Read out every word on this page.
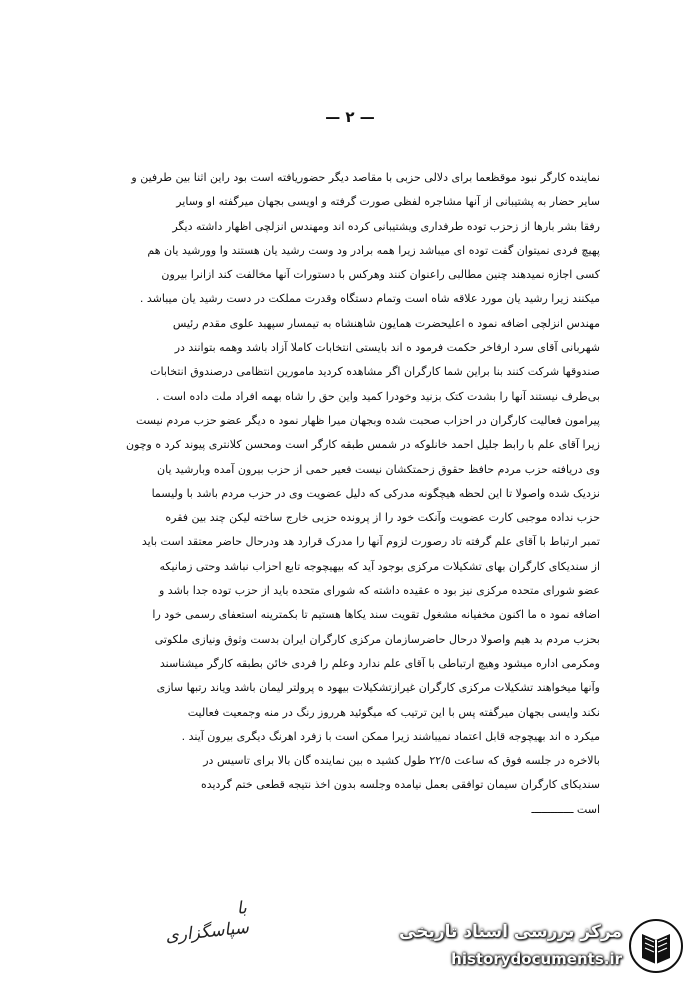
— ٢ —
نماینده کارگر نبود موقظعما برای دلالی حزبی با مقاصد دیگر حضوریافته است بود راین اثنا بین طرفین و
سایر حضار به پشتیبانی از آنها مشاجره لفظی صورت گرفته و اویسی بجهان میرگفته او وسایر
رفقا بشر بارها از زحزب توده طرفداری ویشتیبانی کرده اند ومهندس انزلچی اظهار داشته دیگر
پهیچ فردی نمیتوان گفت توده ای میباشد زیرا همه برادر ود وست رشید یان هستند وا وورشید یان هم
کسی اجازه نمیدهند چنین مطالبی راعنوان کنند وهرکس با دستورات آنها مخالفت کند ازانرا بیرون
میکنند زیرا رشید یان مورد علاقه شاه است وتمام دستگاه وقدرت مملکت در دست رشید یان میباشد .
مهندس انزلچی اضافه نمود ه اعلیحضرت همایون شاهنشاه به تیمسار سپهبد علوی مقدم رئیس
شهربانی آقای سرد ارفاخر حکمت فرمود ه اند بایستی انتخابات کاملا آزاد باشد وهمه بتوانند در
صندوقها شرکت کنند بنا براین شما کارگران اگر مشاهده کردید مامورین انتظامی درصندوق انتخابات
بی‌طرف نیستند آنها را بشدت کتک بزنید وخودرا کمید واین حق را شاه بهمه افراد ملت داده است .
پیرامون فعالیت کارگران در احزاب صحبت شده وبجهان میرا ظهار نمود ه دیگر عضو حزب مردم نیست
زیرا آقای علم با رابط جلیل احمد خانلوکه در شمس طبقه کارگر است ومحسن کلانتری پیوند کرد ه وچون
وی دریافته حزب مردم حافظ حقوق زحمتکشان نیست فعیر حمی از حزب بیرون آمده وبارشید یان
نزدیک شده واصولا تا این لحظه هیچگونه مدرکی که دلیل عضویت وی در حزب مردم باشد با ولیسما
حزب نداده موجبی کارت عضویت وآنکت خود را از پرونده حزبی خارج ساخته لیکن چند بین فقره
تمبر ارتباط با آقای علم گرفته تاد رصورت لزوم آنها را مدرک قرارد هد ودرحال حاضر معتقد است باید
از سندیکای کارگران بهای تشکیلات مرکزی بوجود آید که بیهیچوجه تابع احزاب نباشد وحتی زمانیکه
عضو شورای متحده مرکزی نیز بود ه عقیده داشته که شورای متحده باید از حزب توده جدا باشد و
اضافه نمود ه ما اکنون مخفیانه مشغول تقویت سند یکاها هستیم تا بکمترینه استعفای رسمی خود را
بحزب مردم بد هیم واصولا درحال حاضرسازمان مرکزی کارگران ایران بدست وثوق ونیازی ملکوتی
ومکرمی اداره میشود وهیچ ارتباطی با آقای علم ندارد وعلم را فردی خائن بطبقه کارگر میشناسند
وآنها میخواهند تشکیلات مرکزی کارگران غیرازتشکیلات بیهود ه پرولتر لیمان باشد ویاند رتبها سازی
نکند وایسی بجهان میرگفته پس با این ترتیب که میگوئید هرروز رنگ در منه وجمعیت فعالیت
میکرد ه اند بهیچوجه قابل اعتماد نمیباشند زیرا ممکن است با زفرد اهرنگ دیگری بیرون آیند .
بالاخره در جلسه فوق که ساعت ٢٢/٥ طول کشید ه بین نماینده گان بالا برای تاسیس در
سندیکای کارگران سیمان توافقی بعمل نیامده وجلسه بدون اخذ نتیجه قطعی ختم گردیده
است ـــــــــــــ
با سپاسگزاری	مرکز بررسی اسناد تاریخی
historydocuments.ir
